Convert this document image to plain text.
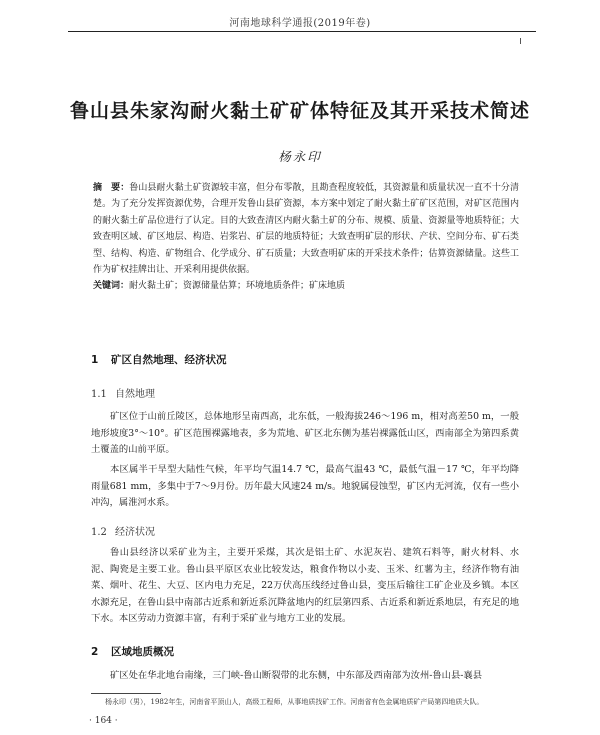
河南地球科学通报(2019年卷)
鲁山县朱家沟耐火黏土矿矿体特征及其开采技术简述
杨永印
摘　要：鲁山县耐火黏土矿资源较丰富，但分布零散，且勘查程度较低，其资源量和质量状况一直不十分清楚。为了充分发挥资源优势，合理开发鲁山县矿资源，本方案中划定了耐火黏土矿矿区范围，对矿区范围内的耐火黏土矿品位进行了认定。目的大致查清区内耐火黏土矿的分布、规模、质量、资源量等地质特征；大致查明区域、矿区地层、构造、岩浆岩、矿层的地质特征；大致查明矿层的形状、产状、空间分布、矿石类型、结构、构造、矿物组合、化学成分、矿石质量；大致查明矿床的开采技术条件；估算资源储量。这些工作为矿权挂牌出让、开采利用提供依据。
关键词：耐火黏土矿；资源储量估算；环境地质条件；矿床地质
1 矿区自然地理、经济状况
1.1 自然地理
矿区位于山前丘陵区，总体地形呈南西高，北东低，一般海拔246～196 m，相对高差50 m，一般地形坡度3°～10°。矿区范围裸露地表，多为荒地、矿区北东侧为基岩裸露低山区，西南部全为第四系黄土覆盖的山前平原。
本区属半干旱型大陆性气候，年平均气温14.7 ℃，最高气温43 ℃，最低气温－17 ℃，年平均降雨量681 mm，多集中于7～9月份。历年最大风速24 m/s。地貌属侵蚀型，矿区内无河流，仅有一些小冲沟，属淮河水系。
1.2 经济状况
鲁山县经济以采矿业为主，主要开采煤，其次是铝土矿、水泥灰岩、建筑石料等，耐火材料、水泥、陶瓷是主要工业。鲁山县平原区农业比较发达，粮食作物以小麦、玉米、红薯为主，经济作物有油菜、烟叶、花生、大豆、区内电力充足，22万伏高压线经过鲁山县，变压后输往工矿企业及乡镇。本区水源充足，在鲁山县中南部古近系和新近系沉降盆地内的红层第四系、古近系和新近系地层，有充足的地下水。本区劳动力资源丰富，有利于采矿业与地方工业的发展。
2 区域地质概况
矿区处在华北地台南缘，三门峡-鲁山断裂带的北东侧，中东部及西南部为汝州-鲁山县-襄县
杨永印（男），1982年生，河南省平顶山人，高级工程师，从事地质找矿工作。河南省有色金属地质矿产局第四地质大队。
· 164 ·
